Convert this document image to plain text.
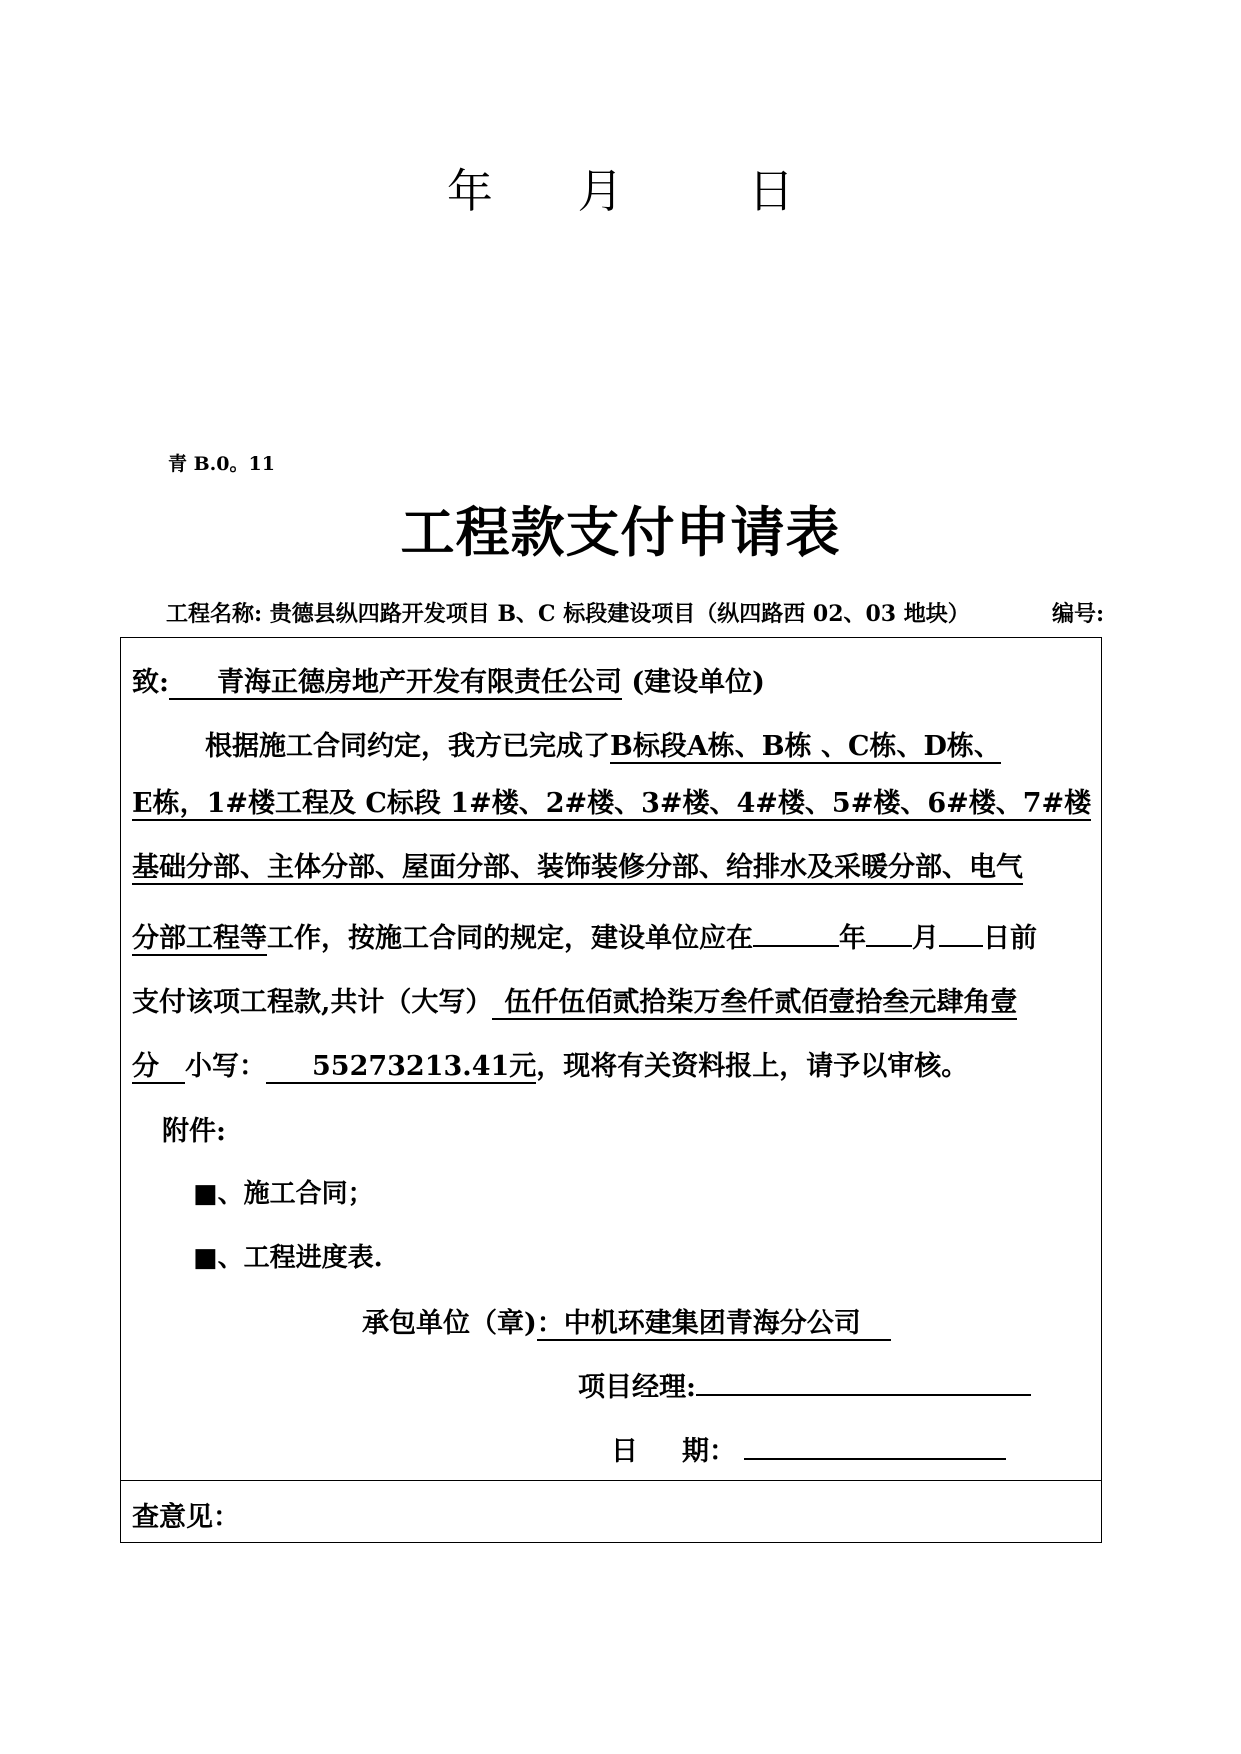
年 月	日
青 B.0。11
工程款支付申请表
工程名称: 贵德县纵四路开发项目 B、C 标段建设项目（纵四路西 02、03 地块）	编号:
致: 青海正德房地产开发有限责任公司 (建设单位)
根据施工合同约定，我方已完成了B标段A栋、B栋 、C栋、D栋、
E栋，1#楼工程及 C标段 1#楼、2#楼、3#楼、4#楼、5#楼、6#楼、7#楼
基础分部、主体分部、屋面分部、装饰装修分部、给排水及采暖分部、电气
分部工程等工作，按施工合同的规定，建设单位应在	年 月 日前
支付该项工程款,共计（大写） 伍仟伍佰贰拾柒万叁仟贰佰壹拾叁元肆角壹
分 小写： 55273213.41元，现将有关资料报上，请予以审核。
附件:
■、施工合同；
■、工程进度表.
承包单位（章)：中机环建集团青海分公司
项目经理:
日 期：
查意见：
